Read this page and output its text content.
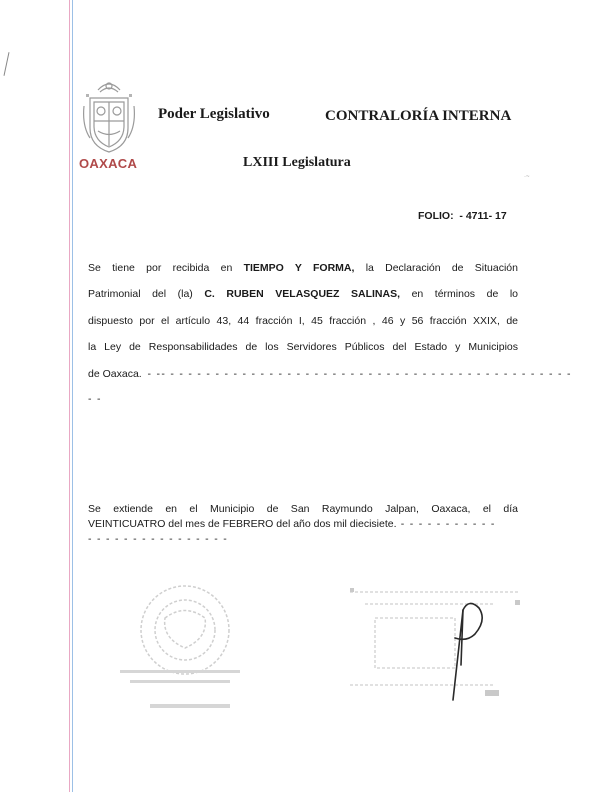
OAXACA
Poder Legislativo	CONTRALORÍA INTERNA
LXIII Legislatura
·~
FOLIO:  - 4711- 17
Se tiene por recibida en TIEMPO Y FORMA, la Declaración de Situación
Patrimonial del (la) C. RUBEN VELASQUEZ SALINAS, en términos de lo
dispuesto por el artículo 43, 44 fracción I, 45 fracción , 46 y 56 fracción XXIX, de
la Ley de Responsabilidades de los Servidores Públicos del Estado y Municipios
de Oaxaca. - -- - - - - - - - - - - - - - - - - - - - - - - - - - - - - - - - - - - - - - - - - - - - - -
- -
Se extiende en el Municipio de San Raymundo Jalpan, Oaxaca, el día
VEINTICUATRO del mes de FEBRERO del año dos mil diecisiete. - - - - - - - - - - -
- - - - - - - - - - - - - - - -
